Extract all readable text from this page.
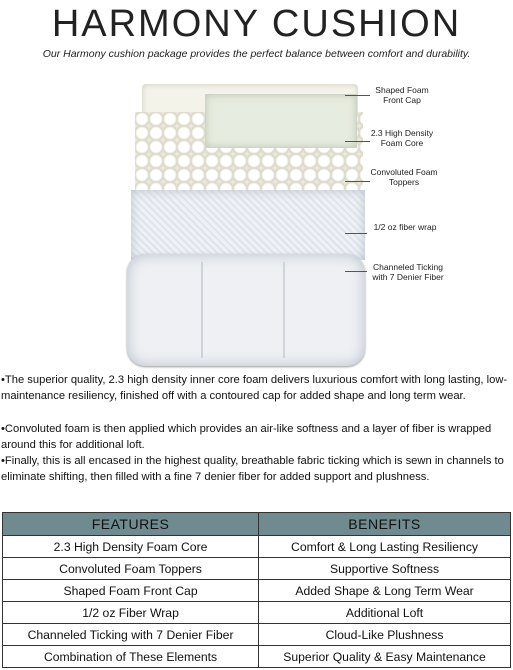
HARMONY CUSHION
Our Harmony cushion package provides the perfect balance between comfort and durability.
Shaped Foam
Front Cap
2.3 High Density
Foam Core
Convoluted Foam
Toppers
1/2 oz fiber wrap
Channeled Ticking
with 7 Denier Fiber
•The superior quality, 2.3 high density inner core foam delivers luxurious comfort with long lasting, low-maintenance resiliency, finished off with a contoured cap for added shape and long term wear.
•Convoluted foam is then applied which provides an air-like softness and a layer of fiber is wrapped around this for additional loft.
•Finally, this is all encased in the highest quality, breathable fabric ticking which is sewn in channels to eliminate shifting, then filled with a fine 7 denier fiber for added support and plushness.
FEATURES	BENEFITS
2.3 High Density Foam Core	Comfort & Long Lasting Resiliency
Convoluted Foam Toppers	Supportive Softness
Shaped Foam Front Cap	Added Shape & Long Term Wear
1/2 oz Fiber Wrap	Additional Loft
Channeled Ticking with 7 Denier Fiber	Cloud-Like Plushness
Combination of These Elements	Superior Quality & Easy Maintenance
